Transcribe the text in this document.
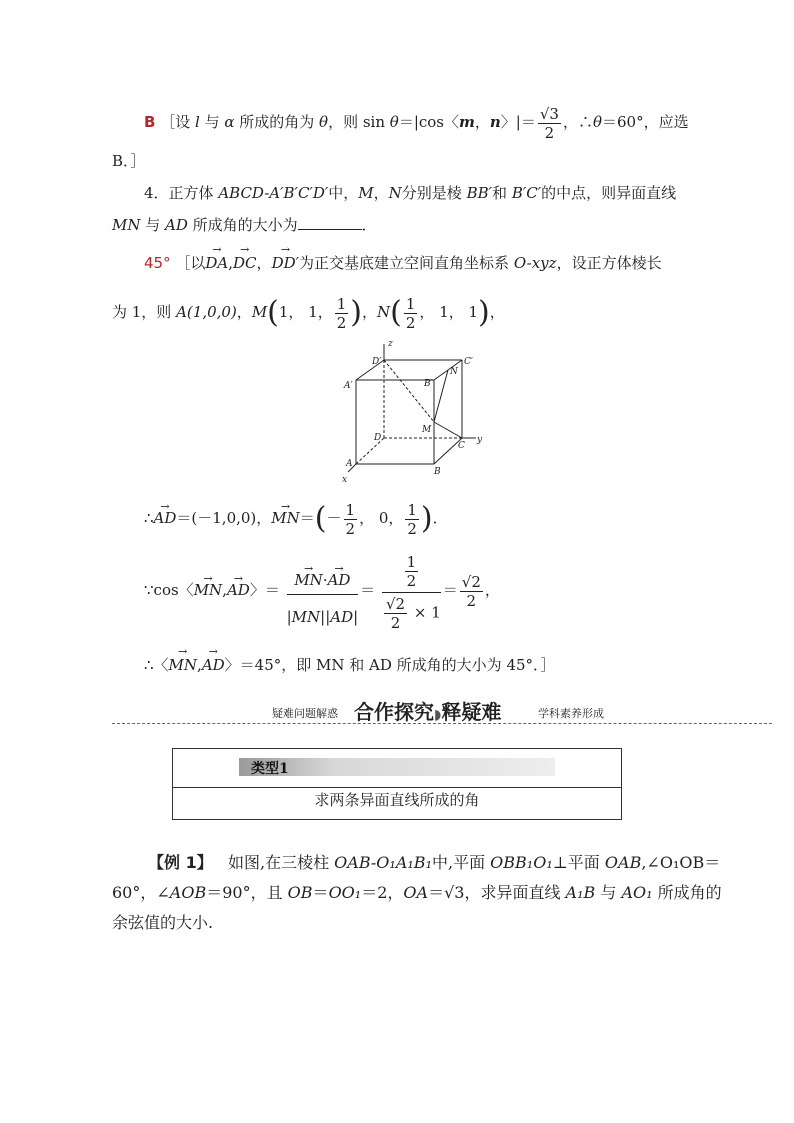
B ［设 l 与 α 所成的角为 θ，则 sin θ＝|cos〈m，n〉|＝ $\frac{√3}{2}$ ，∴θ＝60°，应选
B．］
4．正方体 ABCD-A′B′C′D′中，M，N分别是棱 BB′和 B′C′的中点，则异面直线
MN 与 AD 所成角的大小为	．
45° ［以→ DA,→ DC，→ DD′为正交基底建立空间直角坐标系 O-xyz，设正方体棱长
为 1，则 A(1,0,0)，M(1， 1， $\frac{1}{2}$ )，$N( \frac{1}{2}$ ， 1， 1)，
z
y
x
D′	C′
A′	B′
N
M
D
C
A
B
∴→ AD＝(－1,0,0)，→ $MN=(- \frac{1}{2}$ ， 0， $\frac{1}{2}$ )．
∵cos〈→ MN,→ AD〉＝ → $\frac{MN\cdot\to AD}{|MN||AD|} = \frac{\frac{1}{2}}{\frac{√2}{2} \times 1} = \frac{√2}{2}$ ，
∴〈→ MN,→ AD〉＝45°，即 MN 和 AD 所成角的大小为 45°．］
疑难问题解惑 合作探究◗释疑难	学科素养形成
类型1
求两条异面直线所成的角
【例 1】 如图,在三棱柱 OAB-O₁A₁B₁中,平面 OBB₁O₁⊥平面 OAB,∠O₁OB＝
60°，∠AOB＝90°，且 OB＝OO₁＝2，OA＝√3，求异面直线 A₁B 与 AO₁ 所成角的
余弦值的大小.
